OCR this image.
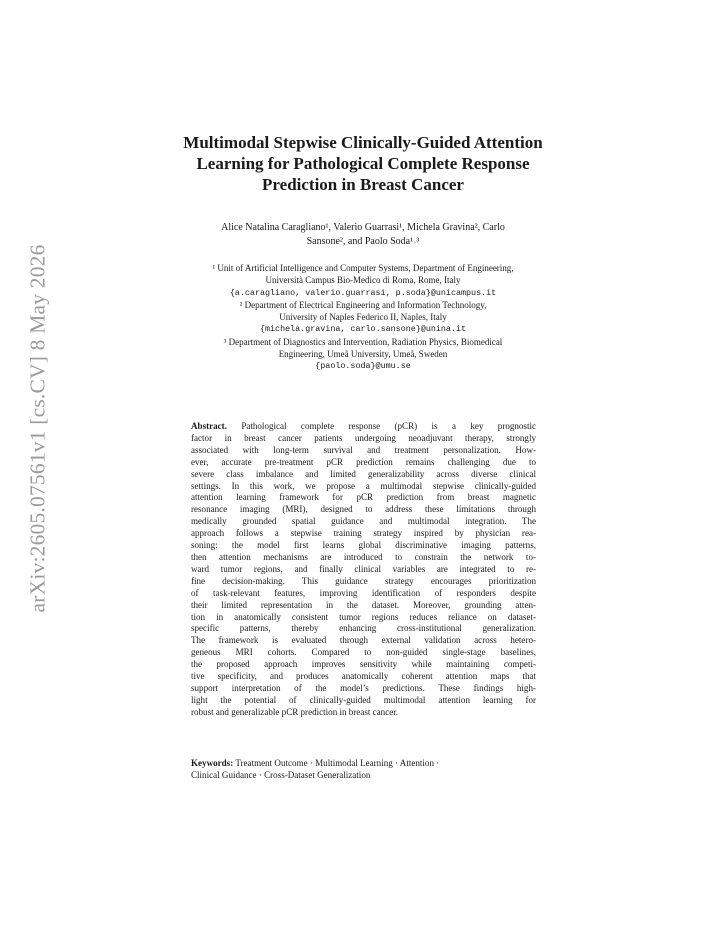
arXiv:2605.07561v1 [cs.CV] 8 May 2026
Multimodal Stepwise Clinically-Guided Attention
Learning for Pathological Complete Response
Prediction in Breast Cancer
Alice Natalina Caragliano¹, Valerio Guarrasi¹, Michela Gravina², Carlo
Sansone², and Paolo Soda¹˒³
¹ Unit of Artificial Intelligence and Computer Systems, Department of Engineering,
Università Campus Bio-Medico di Roma, Rome, Italy
{a.caragliano, valerio.guarrasi, p.soda}@unicampus.it
² Department of Electrical Engineering and Information Technology,
University of Naples Federico II, Naples, Italy
{michela.gravina, carlo.sansone}@unina.it
³ Department of Diagnostics and Intervention, Radiation Physics, Biomedical
Engineering, Umeå University, Umeå, Sweden
{paolo.soda}@umu.se
Abstract. Pathological complete response (pCR) is a key prognostic
factor in breast cancer patients undergoing neoadjuvant therapy, strongly
associated with long-term survival and treatment personalization. How-
ever, accurate pre-treatment pCR prediction remains challenging due to
severe class imbalance and limited generalizability across diverse clinical
settings. In this work, we propose a multimodal stepwise clinically-guided
attention learning framework for pCR prediction from breast magnetic
resonance imaging (MRI), designed to address these limitations through
medically grounded spatial guidance and multimodal integration. The
approach follows a stepwise training strategy inspired by physician rea-
soning: the model first learns global discriminative imaging patterns,
then attention mechanisms are introduced to constrain the network to-
ward tumor regions, and finally clinical variables are integrated to re-
fine decision-making. This guidance strategy encourages prioritization
of task-relevant features, improving identification of responders despite
their limited representation in the dataset. Moreover, grounding atten-
tion in anatomically consistent tumor regions reduces reliance on dataset-
specific patterns, thereby enhancing cross-institutional generalization.
The framework is evaluated through external validation across hetero-
geneous MRI cohorts. Compared to non-guided single-stage baselines,
the proposed approach improves sensitivity while maintaining competi-
tive specificity, and produces anatomically coherent attention maps that
support interpretation of the model’s predictions. These findings high-
light the potential of clinically-guided multimodal attention learning for
robust and generalizable pCR prediction in breast cancer.
Keywords: Treatment Outcome · Multimodal Learning · Attention ·
Clinical Guidance · Cross-Dataset Generalization
